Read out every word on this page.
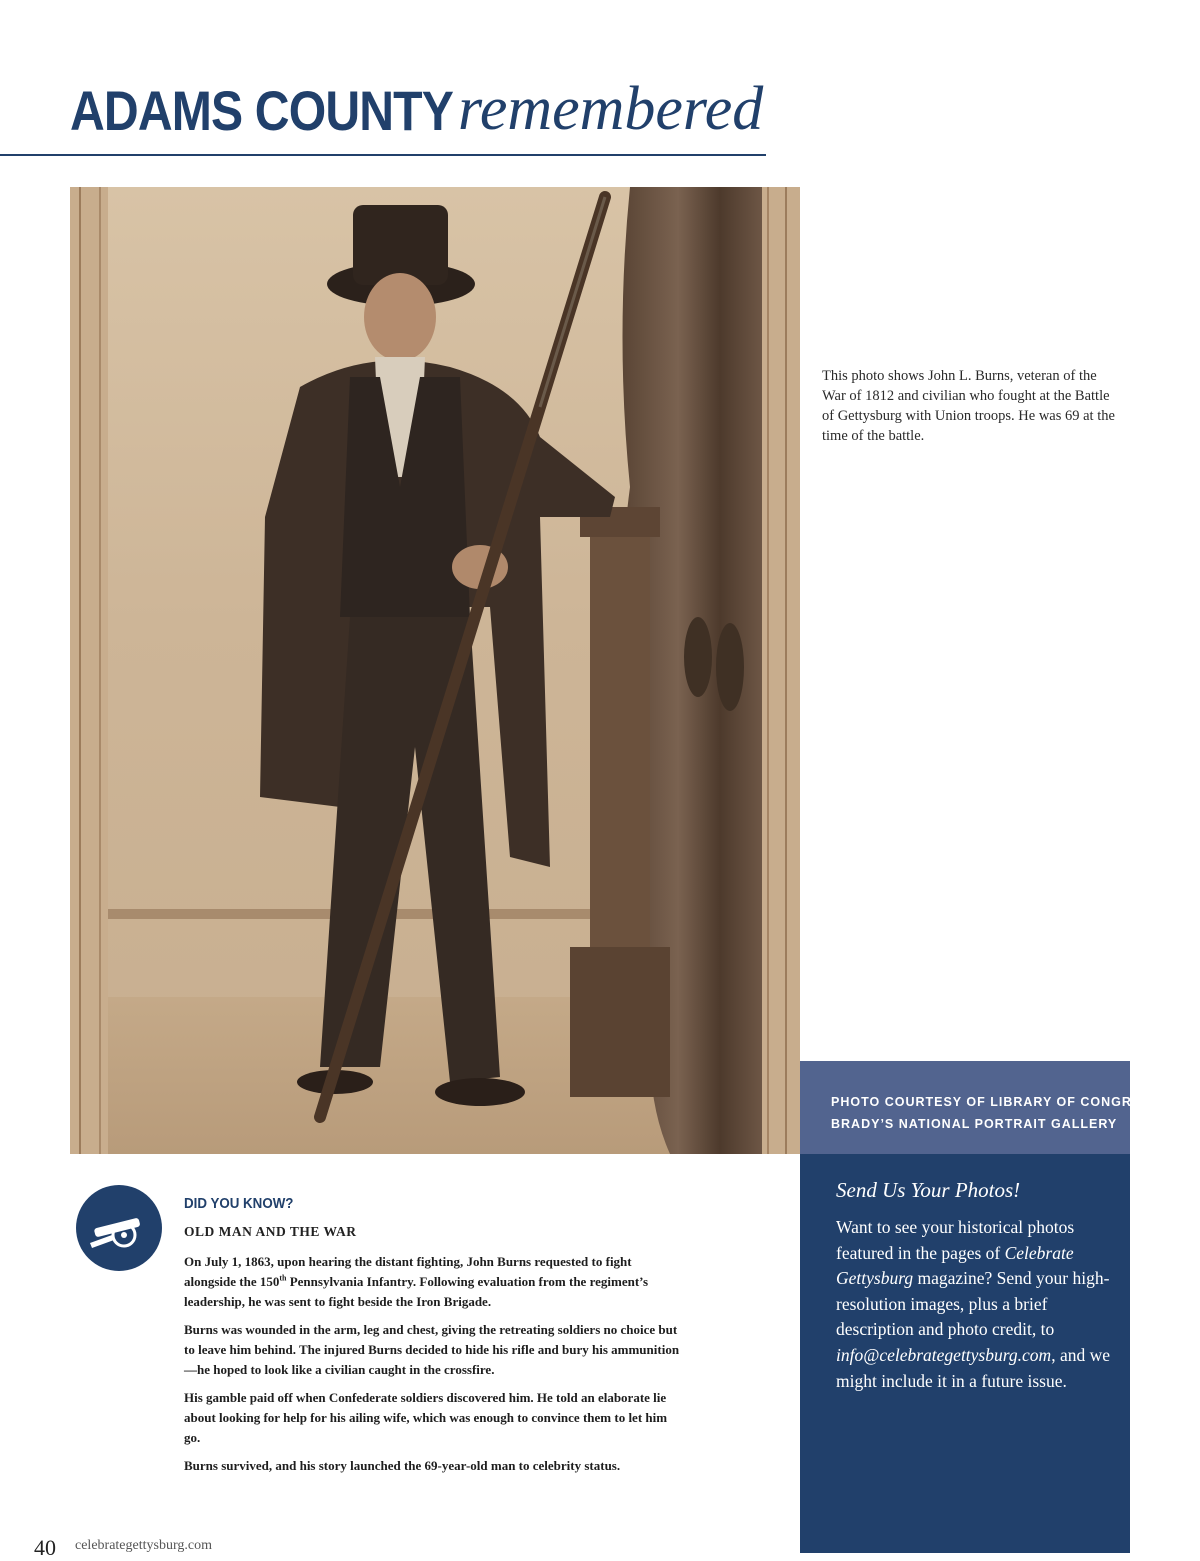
ADAMS COUNTY remembered
This photo shows John L. Burns, veteran of the War of 1812 and civilian who fought at the Battle of Gettysburg with Union troops. He was 69 at the time of the battle.
PHOTO COURTESY OF LIBRARY OF CONGRESS,
BRADY’S NATIONAL PORTRAIT GALLERY
Send Us Your Photos!
Want to see your historical photos featured in the pages of Celebrate Gettysburg magazine? Send your high-resolution images, plus a brief description and photo credit, to info@celebrategettysburg.com, and we might include it in a future issue.
DID YOU KNOW?
OLD MAN AND THE WAR

On July 1, 1863, upon hearing the distant fighting, John Burns requested to fight alongside the 150th Pennsylvania Infantry. Following evaluation from the regiment’s leadership, he was sent to fight beside the Iron Brigade.

Burns was wounded in the arm, leg and chest, giving the retreating soldiers no choice but to leave him behind. The injured Burns decided to hide his rifle and bury his ammunition—he hoped to look like a civilian caught in the crossfire.

His gamble paid off when Confederate soldiers discovered him. He told an elaborate lie about looking for help for his ailing wife, which was enough to convince them to let him go.

Burns survived, and his story launched the 69-year-old man to celebrity status.

40 celebrategettysburg.com
